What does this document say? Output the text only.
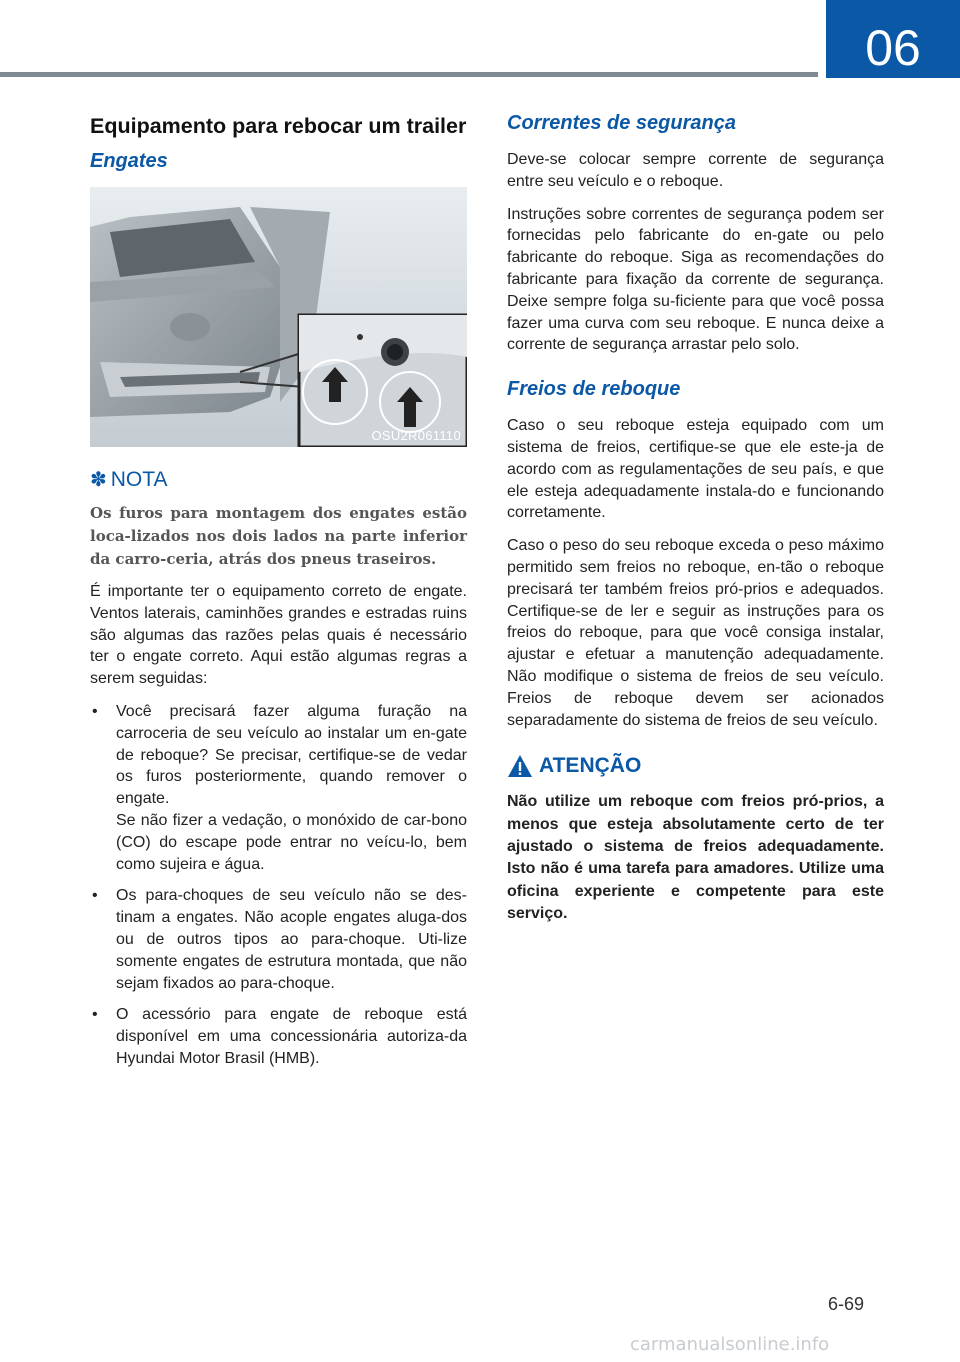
06
Equipamento para rebocar um trailer
Engates
OSU2R061110
✽ NOTA

Os furos para montagem dos engates estão loca-lizados nos dois lados na parte inferior da carro-ceria, atrás dos pneus traseiros.

É importante ter o equipamento correto de engate. Ventos laterais, caminhões grandes e estradas ruins são algumas das razões pelas quais é necessário ter o engate correto. Aqui estão algumas regras a serem seguidas:

• Você precisará fazer alguma furação na carroceria de seu veículo ao instalar um en-gate de reboque? Se precisar, certifique-se de vedar os furos posteriormente, quando remover o engate.
Se não fizer a vedação, o monóxido de car-bono (CO) do escape pode entrar no veícu-lo, bem como sujeira e água.
• Os para-choques de seu veículo não se des-tinam a engates. Não acople engates aluga-dos ou de outros tipos ao para-choque. Uti-lize somente engates de estrutura montada, que não sejam fixados ao para-choque.
• O acessório para engate de reboque está disponível em uma concessionária autoriza-da Hyundai Motor Brasil (HMB).
Correntes de segurança

Deve-se colocar sempre corrente de segurança entre seu veículo e o reboque.

Instruções sobre correntes de segurança podem ser fornecidas pelo fabricante do en-gate ou pelo fabricante do reboque. Siga as recomendações do fabricante para fixação da corrente de segurança. Deixe sempre folga su-ficiente para que você possa fazer uma curva com seu reboque. E nunca deixe a corrente de segurança arrastar pelo solo.

Freios de reboque

Caso o seu reboque esteja equipado com um sistema de freios, certifique-se que ele este-ja de acordo com as regulamentações de seu país, e que ele esteja adequadamente instala-do e funcionando corretamente.

Caso o peso do seu reboque exceda o peso máximo permitido sem freios no reboque, en-tão o reboque precisará ter também freios pró-prios e adequados. Certifique-se de ler e seguir as instruções para os freios do reboque, para que você consiga instalar, ajustar e efetuar a manutenção adequadamente. Não modifique o sistema de freios de seu veículo. Freios de reboque devem ser acionados separadamente do sistema de freios de seu veículo.

ATENÇÃO

Não utilize um reboque com freios pró-prios, a menos que esteja absolutamente certo de ter ajustado o sistema de freios adequadamente. Isto não é uma tarefa para amadores. Utilize uma oficina experiente e competente para este serviço.

6-69
carmanualsonline.info
